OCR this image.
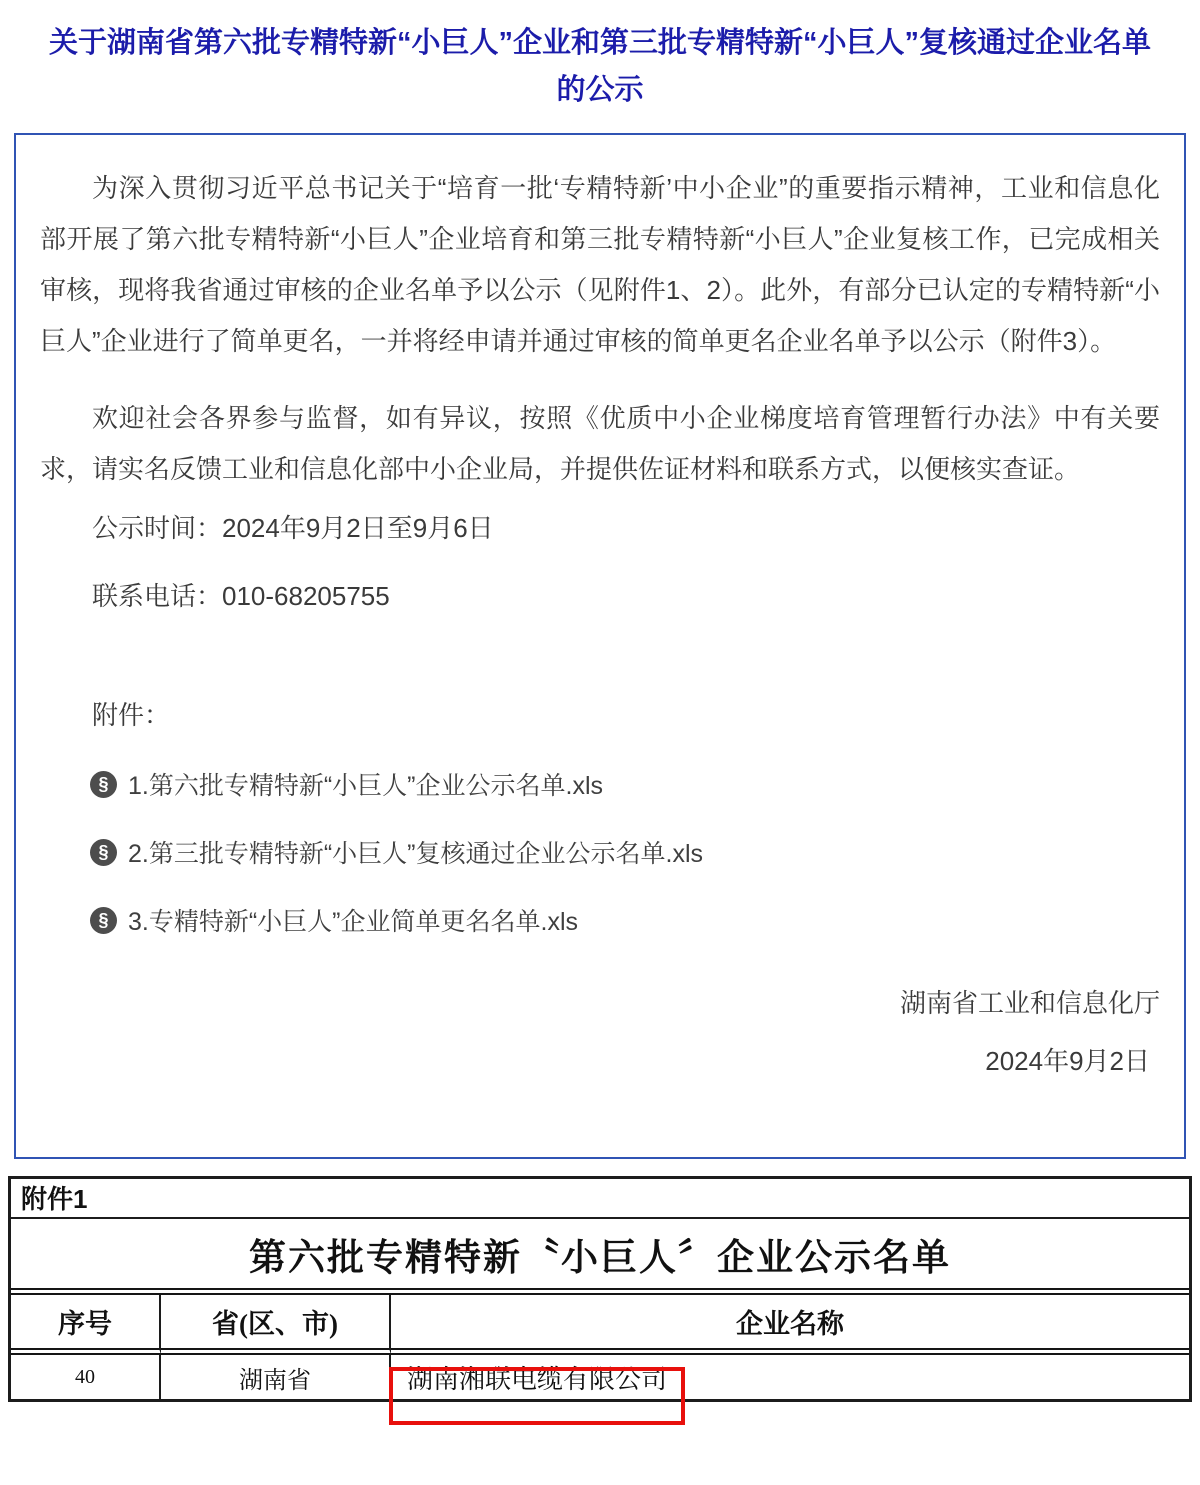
关于湖南省第六批专精特新“小巨人”企业和第三批专精特新“小巨人”复核通过企业名单
的公示

为深入贯彻习近平总书记关于“培育一批‘专精特新’中小企业”的重要指示精神，工业和信息化部开展了第六批专精特新“小巨人”企业培育和第三批专精特新“小巨人”企业复核工作，已完成相关审核，现将我省通过审核的企业名单予以公示（见附件1、2）。此外，有部分已认定的专精特新“小巨人”企业进行了简单更名，一并将经申请并通过审核的简单更名企业名单予以公示（附件3）。

欢迎社会各界参与监督，如有异议，按照《优质中小企业梯度培育管理暂行办法》中有关要求，请实名反馈工业和信息化部中小企业局，并提供佐证材料和联系方式，以便核实查证。

公示时间：2024年9月2日至9月6日

联系电话：010-68205755

附件：

§ 1.第六批专精特新“小巨人”企业公示名单.xls
§ 2.第三批专精特新“小巨人”复核通过企业公示名单.xls
§ 3.专精特新“小巨人”企业简单更名名单.xls
湖南省工业和信息化厅
2024年9月2日
附件1
第六批专精特新〝小巨人〞企业公示名单
序号	省(区、市)	企业名称
40	湖南省	湖南湘联电缆有限公司
